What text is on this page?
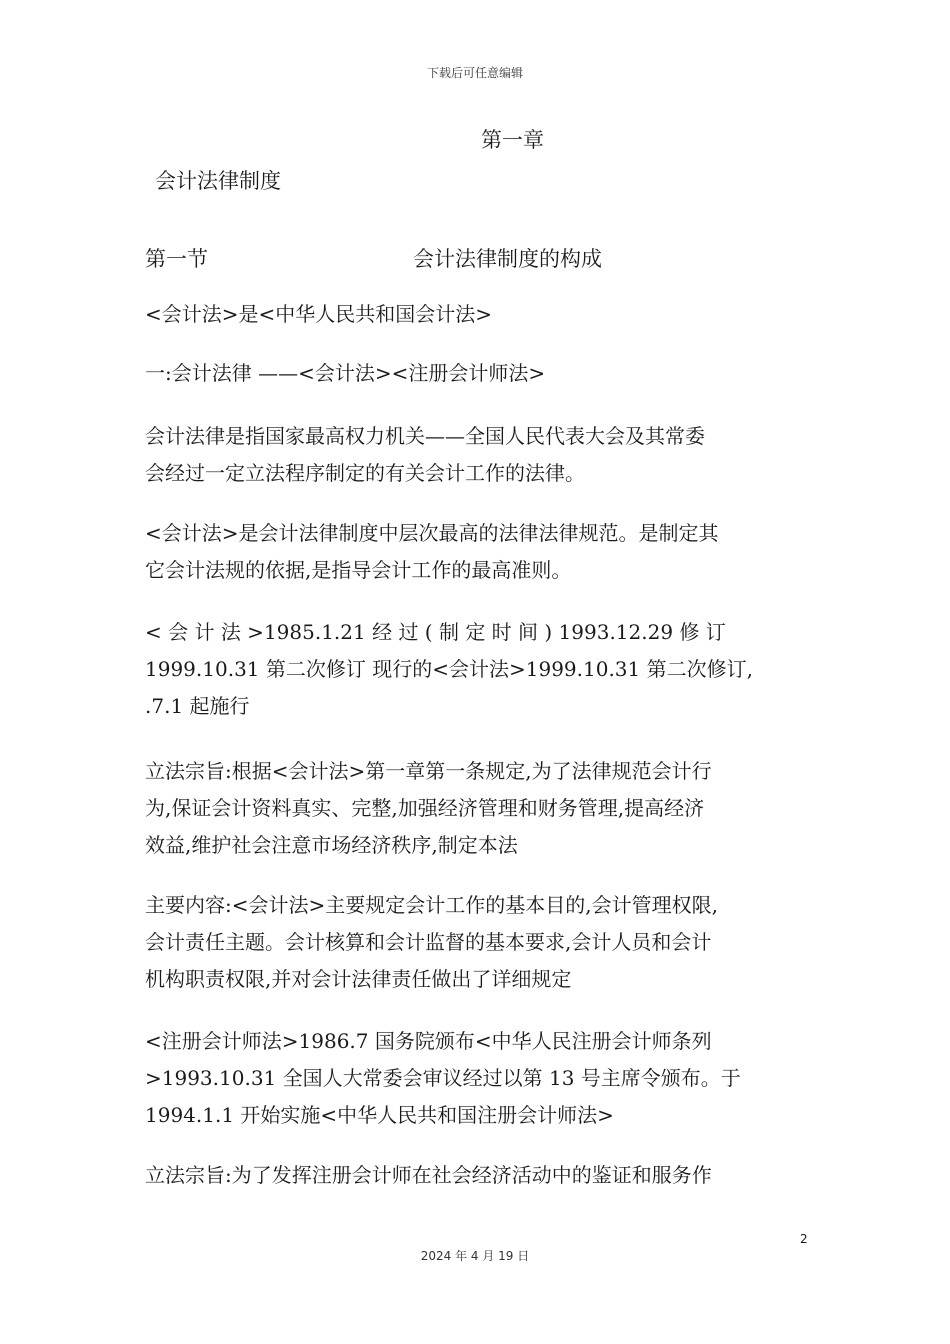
下载后可任意编辑
第一章
会计法律制度
第一节	会计法律制度的构成
<会计法>是<中华人民共和国会计法>
一:会计法律 ——<会计法><注册会计师法>
会计法律是指国家最高权力机关——全国人民代表大会及其常委
会经过一定立法程序制定的有关会计工作的法律。
<会计法>是会计法律制度中层次最高的法律法律规范。是制定其
它会计法规的依据,是指导会计工作的最高准则。
< 会 计 法 >1985.1.21 经 过 ( 制 定 时 间 ) 1993.12.29 修 订
1999.10.31 第二次修订 现行的<会计法>1999.10.31 第二次修订,
.7.1 起施行
立法宗旨:根据<会计法>第一章第一条规定,为了法律规范会计行
为,保证会计资料真实、完整,加强经济管理和财务管理,提高经济
效益,维护社会注意市场经济秩序,制定本法
主要内容:<会计法>主要规定会计工作的基本目的,会计管理权限,
会计责任主题。会计核算和会计监督的基本要求,会计人员和会计
机构职责权限,并对会计法律责任做出了详细规定
<注册会计师法>1986.7 国务院颁布<中华人民注册会计师条列
>1993.10.31 全国人大常委会审议经过以第 13 号主席令颁布。于
1994.1.1 开始实施<中华人民共和国注册会计师法>
立法宗旨:为了发挥注册会计师在社会经济活动中的鉴证和服务作
2
2024 年 4 月 19 日
